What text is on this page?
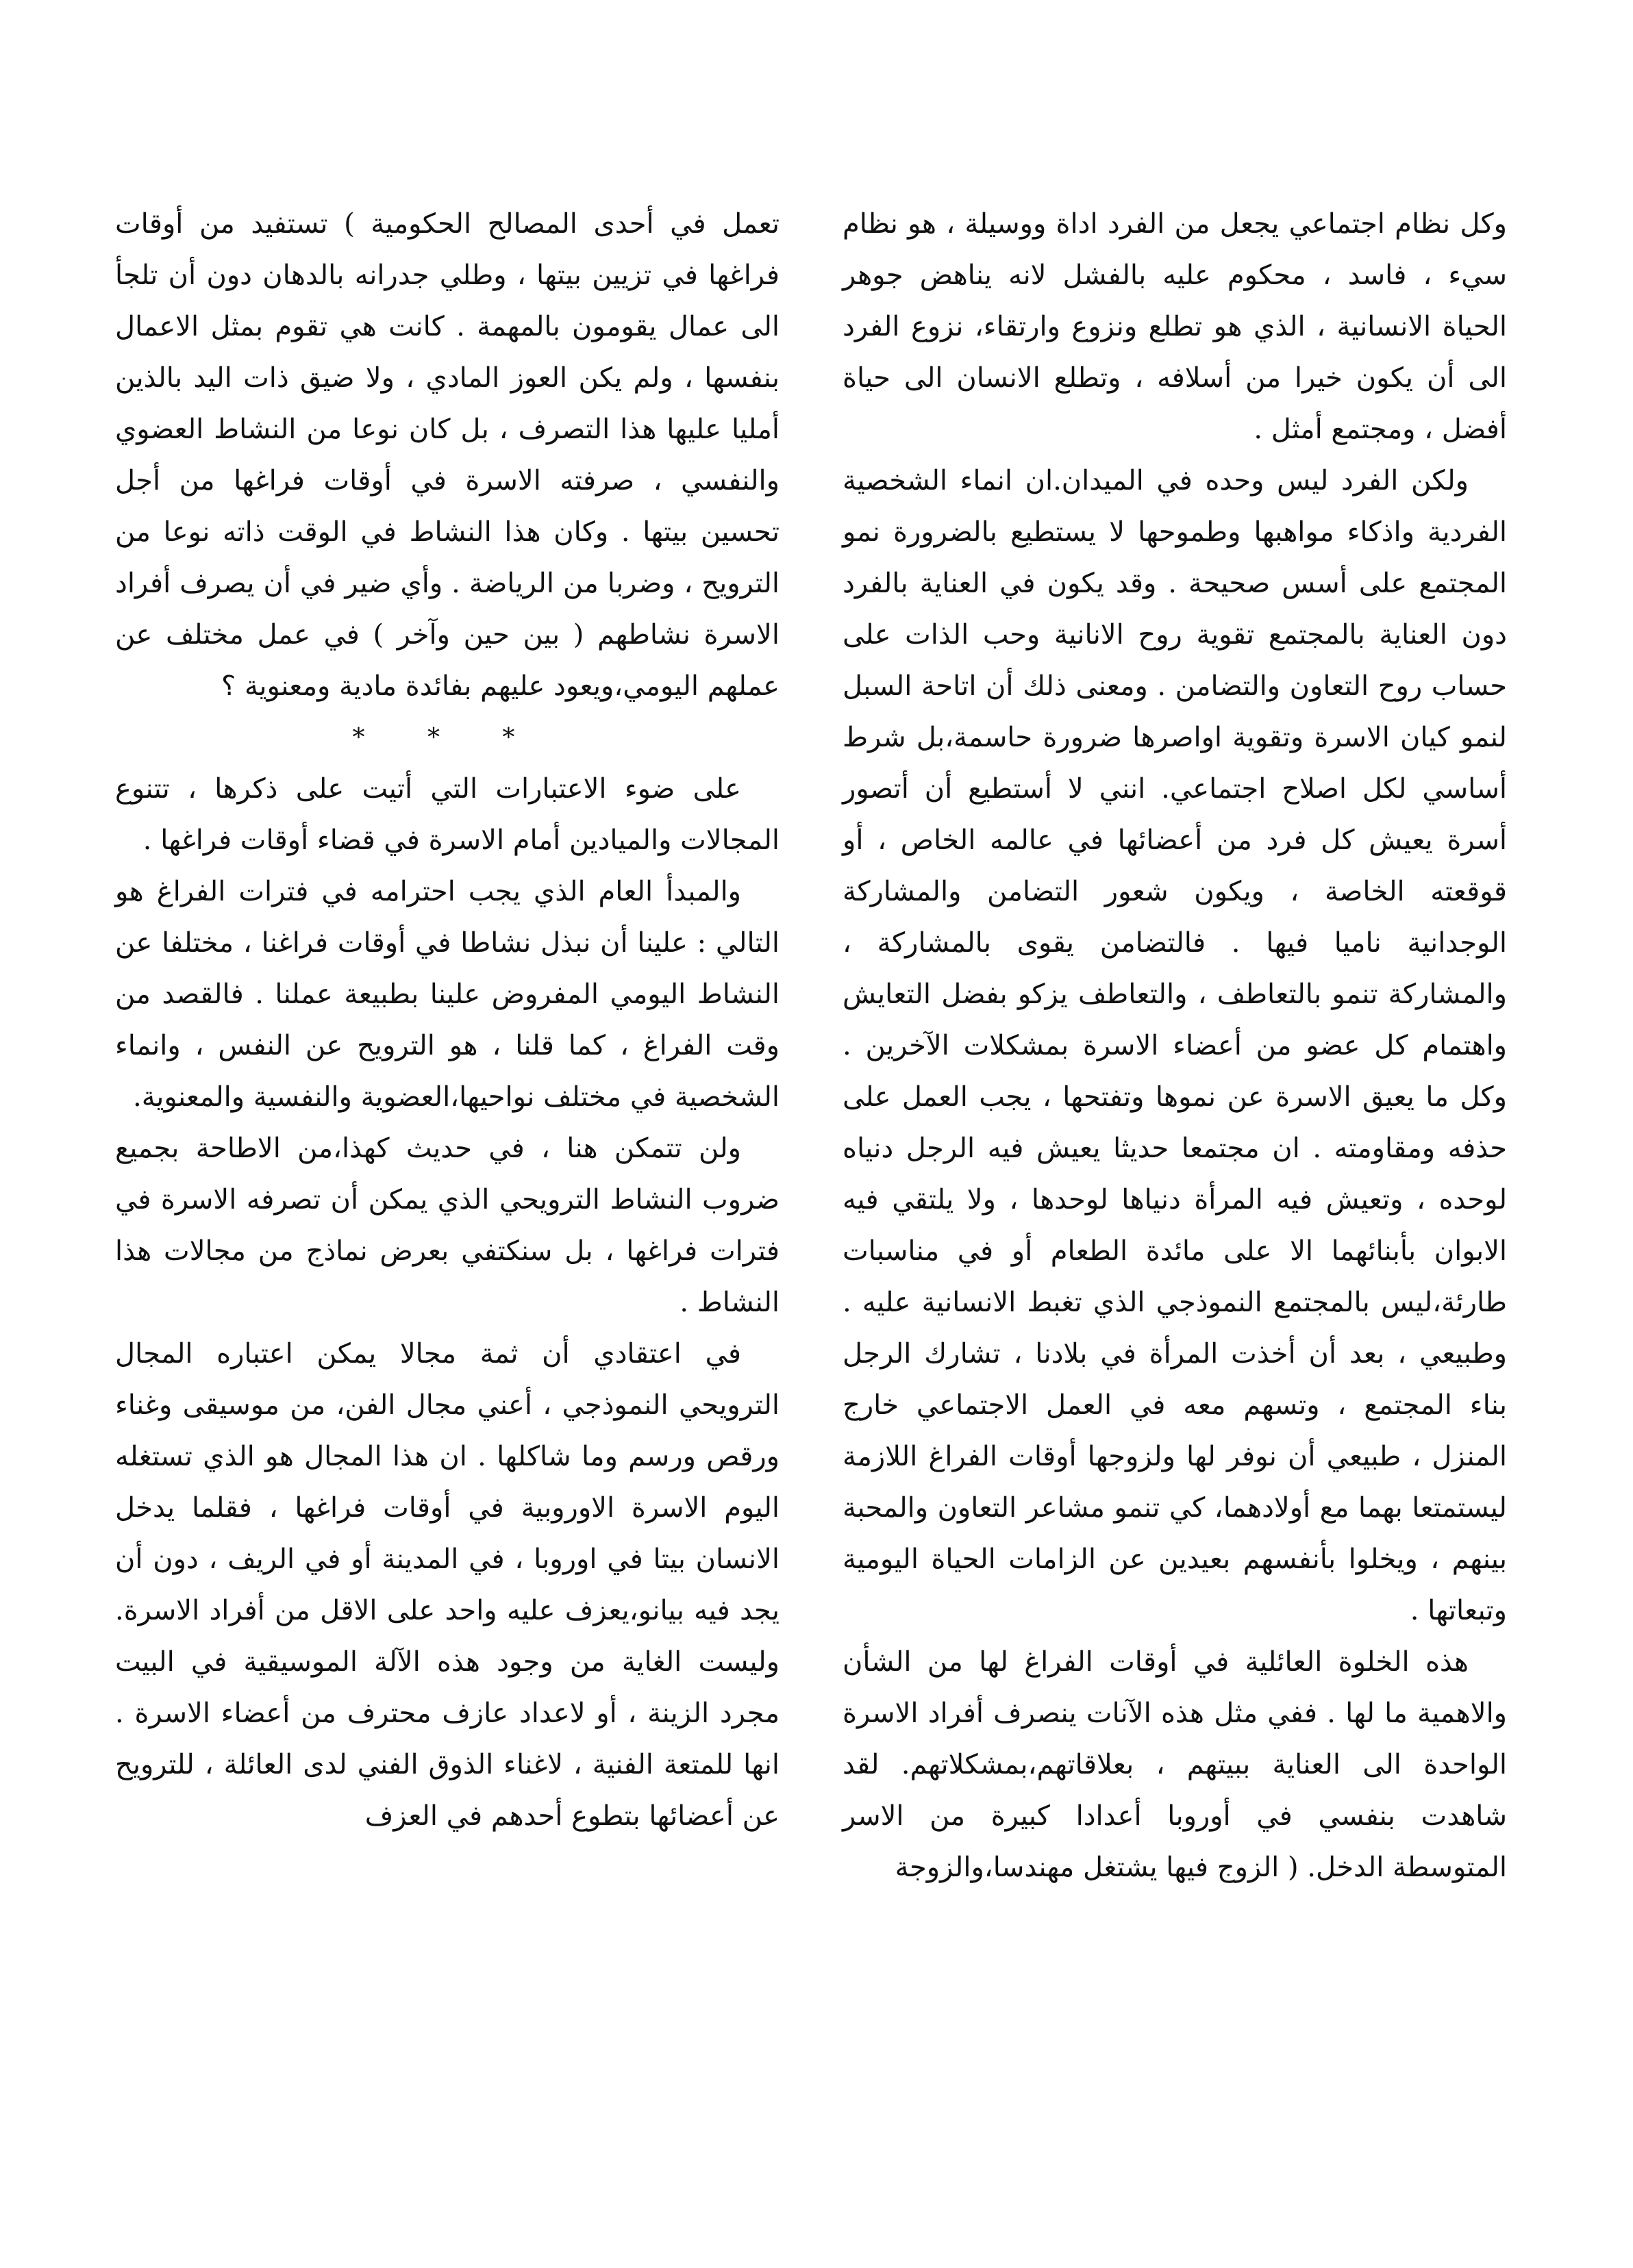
وكل نظام اجتماعي يجعل من الفرد اداة ووسيلة ، هو نظام سيء ، فاسد ، محكوم عليه بالفشل لانه يناهض جوهر الحياة الانسانية ، الذي هو تطلع ونزوع وارتقاء، نزوع الفرد الى أن يكون خيرا من أسلافه ، وتطلع الانسان الى حياة أفضل ، ومجتمع أمثل .

ولكن الفرد ليس وحده في الميدان.ان انماء الشخصية الفردية واذكاء مواهبها وطموحها لا يستطيع بالضرورة نمو المجتمع على أسس صحيحة . وقد يكون في العناية بالفرد دون العناية بالمجتمع تقوية روح الانانية وحب الذات على حساب روح التعاون والتضامن . ومعنى ذلك أن اتاحة السبل لنمو كيان الاسرة وتقوية اواصرها ضرورة حاسمة،بل شرط أساسي لكل اصلاح اجتماعي. انني لا أستطيع أن أتصور أسرة يعيش كل فرد من أعضائها في عالمه الخاص ، أو قوقعته الخاصة ، ويكون شعور التضامن والمشاركة الوجدانية ناميا فيها . فالتضامن يقوى بالمشاركة ، والمشاركة تنمو بالتعاطف ، والتعاطف يزكو بفضل التعايش واهتمام كل عضو من أعضاء الاسرة بمشكلات الآخرين . وكل ما يعيق الاسرة عن نموها وتفتحها ، يجب العمل على حذفه ومقاومته . ان مجتمعا حديثا يعيش فيه الرجل دنياه لوحده ، وتعيش فيه المرأة دنياها لوحدها ، ولا يلتقي فيه الابوان بأبنائهما الا على مائدة الطعام أو في مناسبات طارئة،ليس بالمجتمع النموذجي الذي تغبط الانسانية عليه . وطبيعي ، بعد أن أخذت المرأة في بلادنا ، تشارك الرجل بناء المجتمع ، وتسهم معه في العمل الاجتماعي خارج المنزل ، طبيعي أن نوفر لها ولزوجها أوقات الفراغ اللازمة ليستمتعا بهما مع أولادهما، كي تنمو مشاعر التعاون والمحبة بينهم ، ويخلوا بأنفسهم بعيدين عن الزامات الحياة اليومية وتبعاتها .

هذه الخلوة العائلية في أوقات الفراغ لها من الشأن والاهمية ما لها . ففي مثل هذه الآنات ينصرف أفراد الاسرة الواحدة الى العناية ببيتهم ، بعلاقاتهم،بمشكلاتهم. لقد شاهدت بنفسي في أوروبا أعدادا كبيرة من الاسر المتوسطة الدخل. ( الزوج فيها يشتغل مهندسا،والزوجة

تعمل في أحدى المصالح الحكومية ) تستفيد من أوقات فراغها في تزيين بيتها ، وطلي جدرانه بالدهان دون أن تلجأ الى عمال يقومون بالمهمة . كانت هي تقوم بمثل الاعمال بنفسها ، ولم يكن العوز المادي ، ولا ضيق ذات اليد بالذين أمليا عليها هذا التصرف ، بل كان نوعا من النشاط العضوي والنفسي ، صرفته الاسرة في أوقات فراغها من أجل تحسين بيتها . وكان هذا النشاط في الوقت ذاته نوعا من الترويح ، وضربا من الرياضة . وأي ضير في أن يصرف أفراد الاسرة نشاطهم ( بين حين وآخر ) في عمل مختلف عن عملهم اليومي،ويعود عليهم بفائدة مادية ومعنوية ؟

* * *

على ضوء الاعتبارات التي أتيت على ذكرها ، تتنوع المجالات والميادين أمام الاسرة في قضاء أوقات فراغها .

والمبدأ العام الذي يجب احترامه في فترات الفراغ هو التالي : علينا أن نبذل نشاطا في أوقات فراغنا ، مختلفا عن النشاط اليومي المفروض علينا بطبيعة عملنا . فالقصد من وقت الفراغ ، كما قلنا ، هو الترويح عن النفس ، وانماء الشخصية في مختلف نواحيها،العضوية والنفسية والمعنوية.

ولن تتمكن هنا ، في حديث كهذا،من الاطاحة بجميع ضروب النشاط الترويحي الذي يمكن أن تصرفه الاسرة في فترات فراغها ، بل سنكتفي بعرض نماذج من مجالات هذا النشاط .

في اعتقادي أن ثمة مجالا يمكن اعتباره المجال الترويحي النموذجي ، أعني مجال الفن، من موسيقى وغناء ورقص ورسم وما شاكلها . ان هذا المجال هو الذي تستغله اليوم الاسرة الاوروبية في أوقات فراغها ، فقلما يدخل الانسان بيتا في اوروبا ، في المدينة أو في الريف ، دون أن يجد فيه بيانو،يعزف عليه واحد على الاقل من أفراد الاسرة. وليست الغاية من وجود هذه الآلة الموسيقية في البيت مجرد الزينة ، أو لاعداد عازف محترف من أعضاء الاسرة . انها للمتعة الفنية ، لاغناء الذوق الفني لدى العائلة ، للترويح عن أعضائها بتطوع أحدهم في العزف
